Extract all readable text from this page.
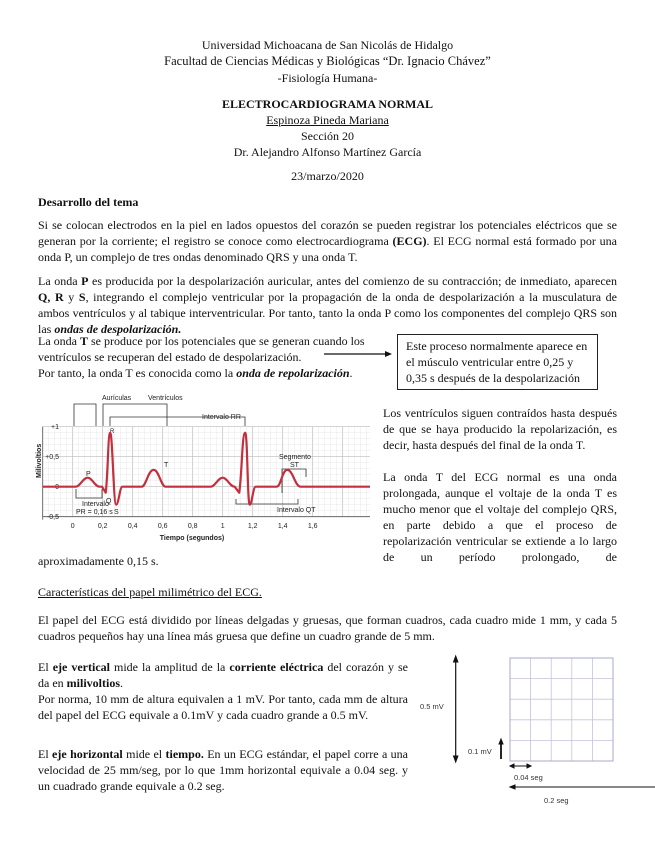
Universidad Michoacana de San Nicolás de Hidalgo
Facultad de Ciencias Médicas y Biológicas “Dr. Ignacio Chávez”
-Fisiología Humana-
ELECTROCARDIOGRAMA NORMAL
Espinoza Pineda Mariana
Sección 20
Dr. Alejandro Alfonso Martínez García
23/marzo/2020
Desarrollo del tema

Si se colocan electrodos en la piel en lados opuestos del corazón se pueden registrar los potenciales eléctricos que se generan por la corriente; el registro se conoce como electrocardiograma (ECG). El ECG normal está formado por una onda P, un complejo de tres ondas denominado QRS y una onda T.

La onda P es producida por la despolarización auricular, antes del comienzo de su contracción; de inmediato, aparecen Q, R y S, integrando el complejo ventricular por la propagación de la onda de despolarización a la musculatura de ambos ventrículos y al tabique interventricular. Por tanto, tanto la onda P como los componentes del complejo QRS son las ondas de despolarización.

La onda T se produce por los potenciales que se generan cuando los ventrículos se recuperan del estado de despolarización.

Por tanto, la onda T es conocida como la onda de repolarización.

Este proceso normalmente aparece en el músculo ventricular entre 0,25 y 0,35 s después de la despolarización
Milivoltios
+1
+0,5
0
-0,5
0	0,2	0,4	0,6	0,8	1	1,2	1,4	1,6
Tiempo (segundos)
Aurículas Ventrículos
Intervalo RR
P
R
T
Q
S
Segmento
ST
Intervalo
PR = 0,16 s	Intervalo QT

Los ventrículos siguen contraídos hasta después de que se haya producido la repolarización, es decir, hasta después del final de la onda T.

La onda T del ECG normal es una onda prolongada, aunque el voltaje de la onda T es mucho menor que el voltaje del complejo QRS, en parte debido a que el proceso de repolarización ventricular se extiende a lo largo de un período prolongado, de

aproximadamente 0,15 s.

Características del papel milimétrico del ECG.

El papel del ECG está dividido por líneas delgadas y gruesas, que forman cuadros, cada cuadro mide 1 mm, y cada 5 cuadros pequeños hay una línea más gruesa que define un cuadro grande de 5 mm.

El eje vertical mide la amplitud de la corriente eléctrica del corazón y se da en milivoltios.

Por norma, 10 mm de altura equivalen a 1 mV. Por tanto, cada mm de altura del papel del ECG equivale a 0.1mV y cada cuadro grande a 0.5 mV.

El eje horizontal mide el tiempo. En un ECG estándar, el papel corre a una velocidad de 25 mm/seg, por lo que 1mm horizontal equivale a 0.04 seg. y un cuadrado grande equivale a 0.2 seg.

0.5 mV
0.1 mV
0.04 seg
0.2 seg
